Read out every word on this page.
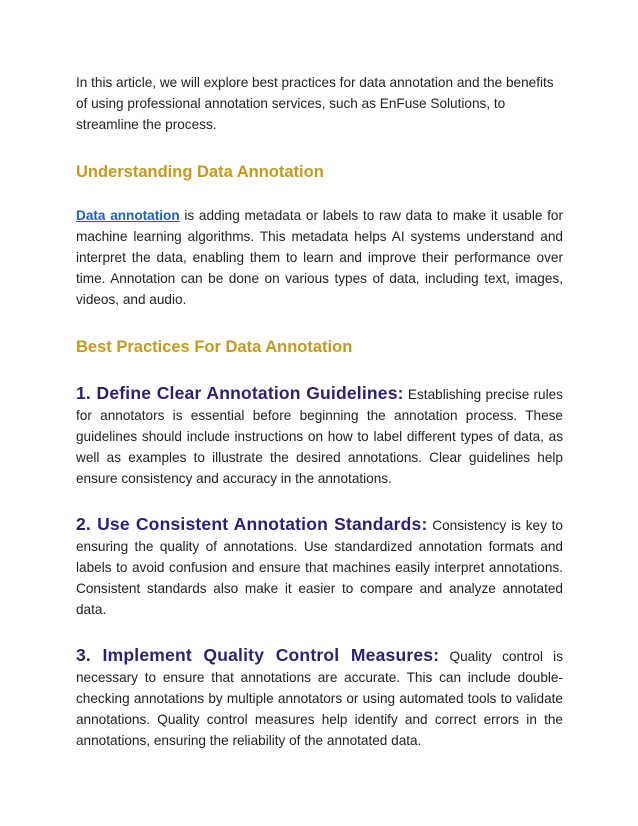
In this article, we will explore best practices for data annotation and the benefits of using professional annotation services, such as EnFuse Solutions, to streamline the process.

Understanding Data Annotation

Data annotation is adding metadata or labels to raw data to make it usable for machine learning algorithms. This metadata helps AI systems understand and interpret the data, enabling them to learn and improve their performance over time. Annotation can be done on various types of data, including text, images, videos, and audio.

Best Practices For Data Annotation

1. Define Clear Annotation Guidelines: Establishing precise rules for annotators is essential before beginning the annotation process. These guidelines should include instructions on how to label different types of data, as well as examples to illustrate the desired annotations. Clear guidelines help ensure consistency and accuracy in the annotations.

2. Use Consistent Annotation Standards: Consistency is key to ensuring the quality of annotations. Use standardized annotation formats and labels to avoid confusion and ensure that machines easily interpret annotations. Consistent standards also make it easier to compare and analyze annotated data.

3. Implement Quality Control Measures: Quality control is necessary to ensure that annotations are accurate. This can include double-checking annotations by multiple annotators or using automated tools to validate annotations. Quality control measures help identify and correct errors in the annotations, ensuring the reliability of the annotated data.
